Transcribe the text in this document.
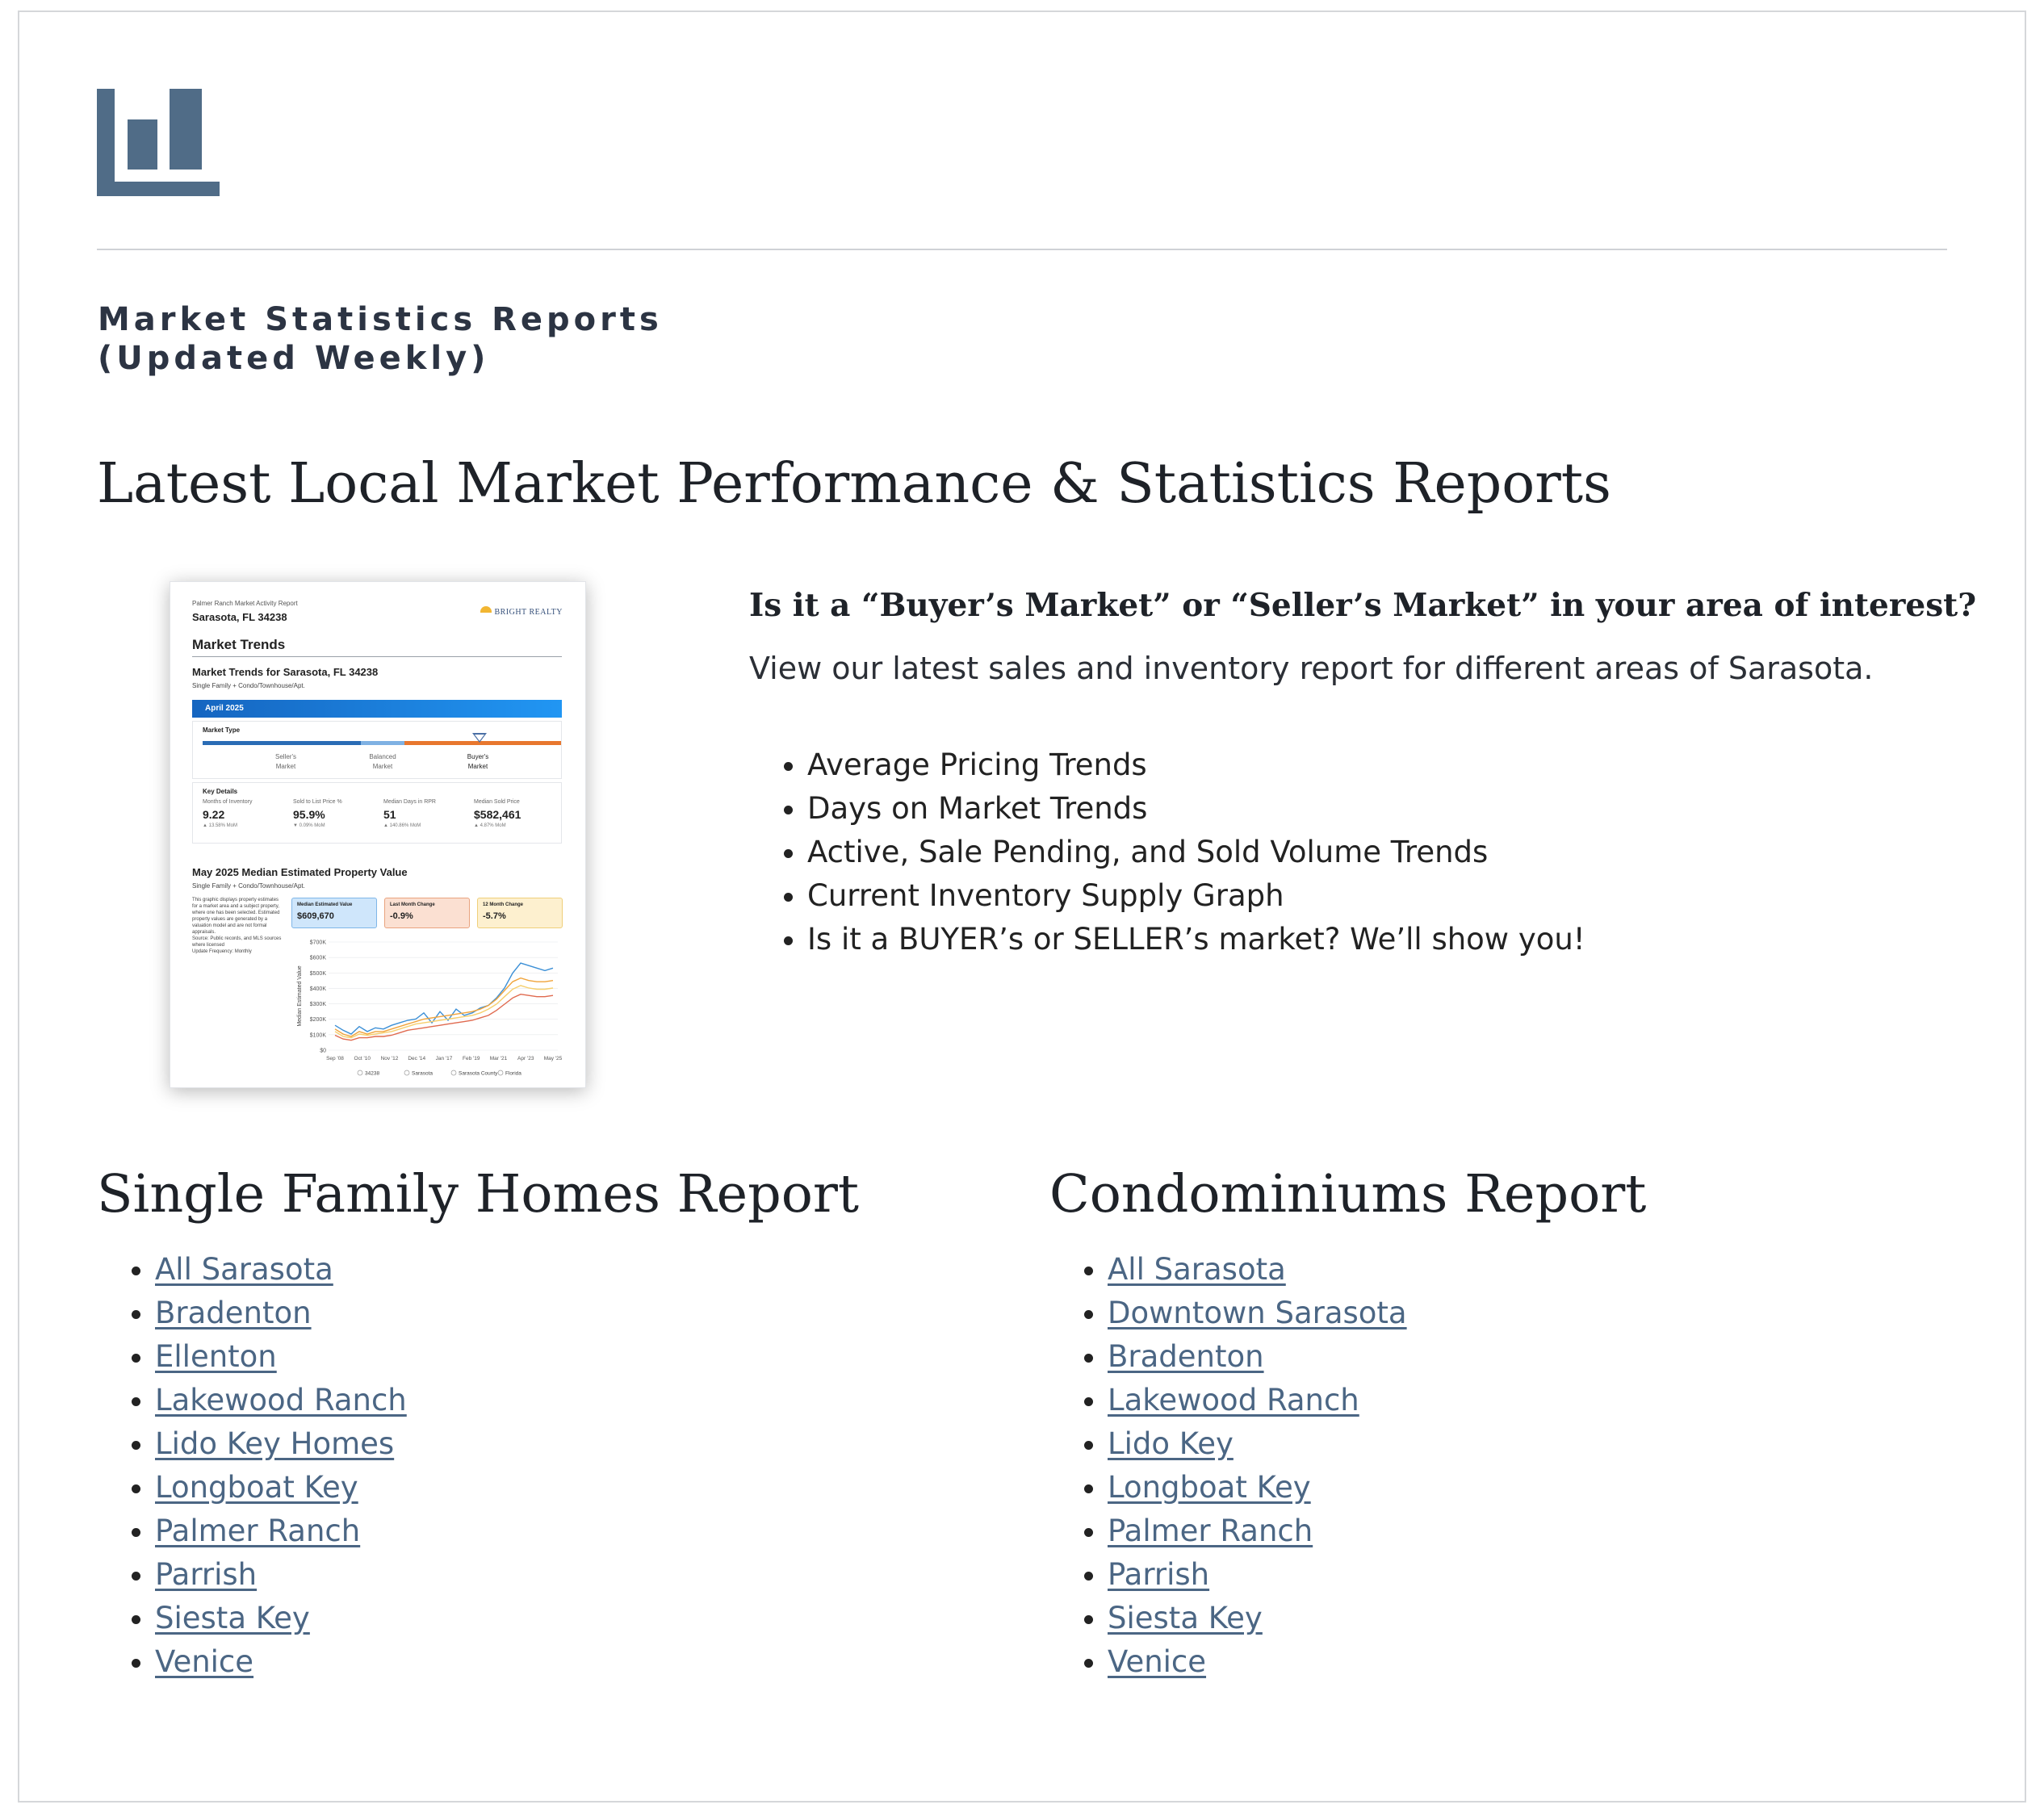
Market Statistics Reports
(Updated Weekly)
Latest Local Market Performance & Statistics Reports
Palmer Ranch Market Activity Report
Sarasota, FL 34238	BRIGHT REALTY
Market Trends
Market Trends for Sarasota, FL 34238
Single Family + Condo/Townhouse/Apt.
April 2025
Market Type
Seller's
Market
Balanced
Market
Buyer's
Market
Key Details
Months of Inventory
9.22
▲ 13.58% MoM
Sold to List Price %
95.9%
▼ 0.09% MoM
Median Days in RPR
51
▲ 140.86% MoM
Median Sold Price
$582,461
▲ 4.87% MoM
May 2025 Median Estimated Property Value
Single Family + Condo/Townhouse/Apt.
This graphic displays property estimates for a market area and a subject property, where one has been selected. Estimated property values are generated by a valuation model and are not formal appraisals.
Source: Public records, and MLS sources where licensed
Update Frequency: Monthly
Median Estimated Value
$609,670
Last Month Change
-0.9%
12 Month Change
-5.7%
$700K
$600K
$500K
$400K
$300K
$200K
$100K
$0
Sep '08 Oct '10 Nov '12 Dec '14 Jan '17 Feb '19 Mar '21 Apr '23 May '25
Median Estimated Value
34238	Sarasota	Sarasota County Florida
Is it a “Buyer’s Market” or “Seller’s Market” in your area of interest?
View our latest sales and inventory report for different areas of Sarasota.
• Average Pricing Trends
• Days on Market Trends
• Active, Sale Pending, and Sold Volume Trends
• Current Inventory Supply Graph
• Is it a BUYER’s or SELLER’s market? We’ll show you!
Single Family Homes Report
• All Sarasota
• Bradenton
• Ellenton
• Lakewood Ranch
• Lido Key Homes
• Longboat Key
• Palmer Ranch
• Parrish
• Siesta Key
• Venice
Condominiums Report
• All Sarasota
• Downtown Sarasota
• Bradenton
• Lakewood Ranch
• Lido Key
• Longboat Key
• Palmer Ranch
• Parrish
• Siesta Key
• Venice
